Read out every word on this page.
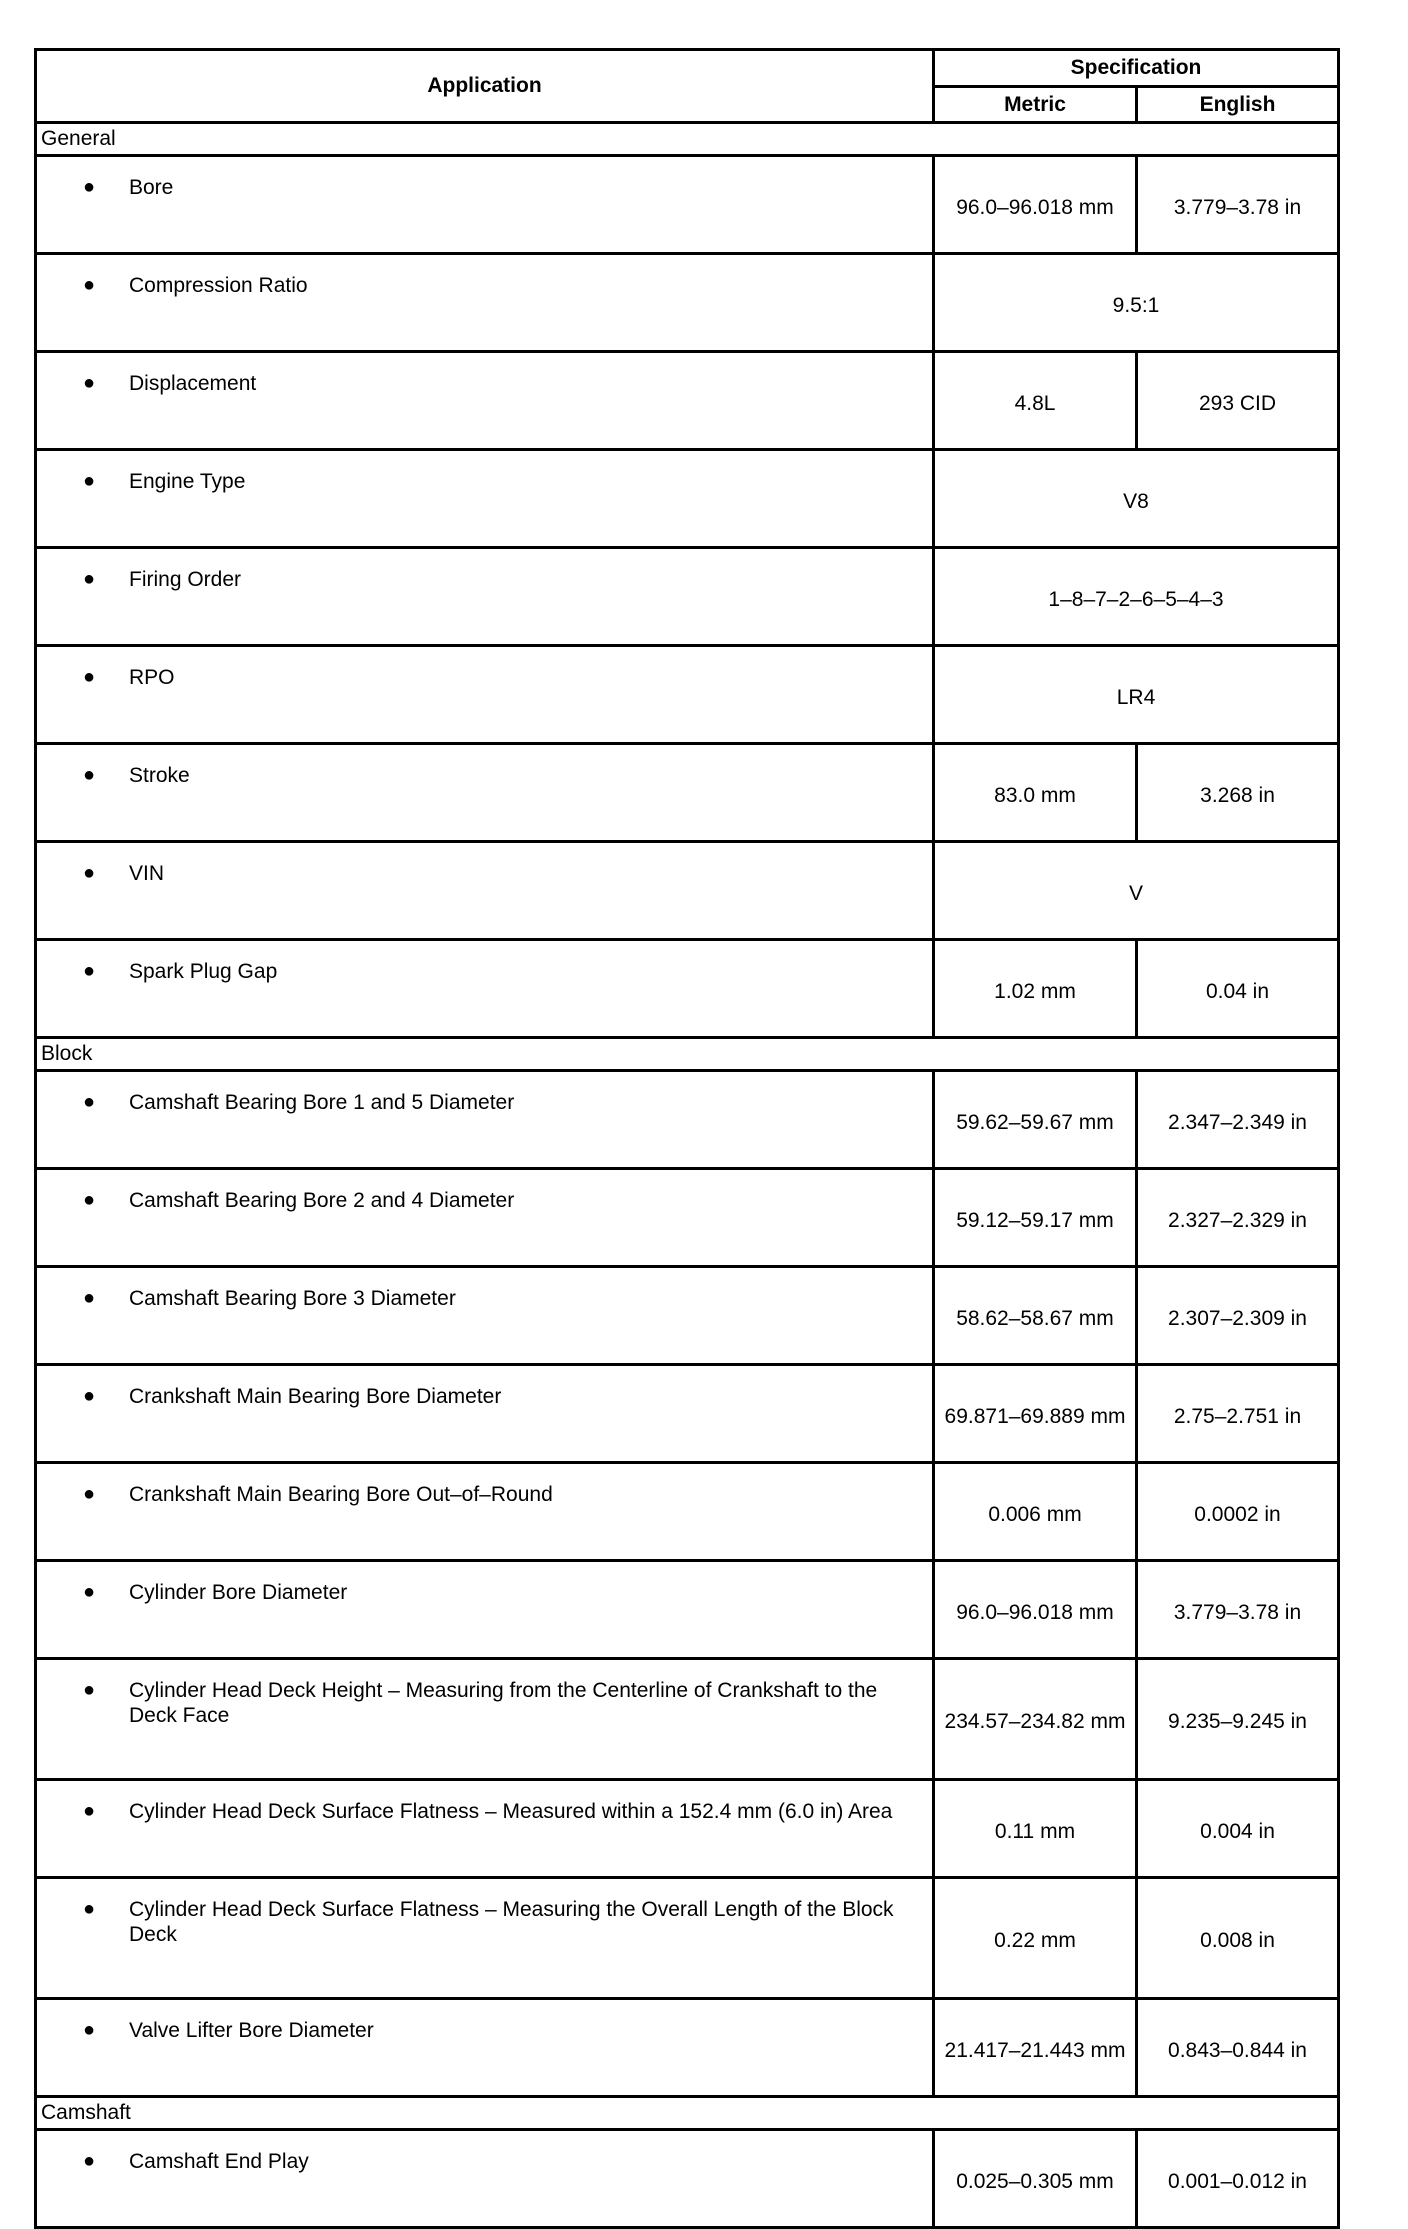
Application	Specification	
	Metric	English
General		

● Bore	96.0–96.018 mm	3.779–3.78 in

● Compression Ratio	9.5:1	

● Displacement	4.8L	293 CID

● Engine Type	V8	

● Firing Order	1–8–7–2–6–5–4–3	

● RPO	LR4	

● Stroke	83.0 mm	3.268 in

● VIN	V	

● Spark Plug Gap	1.02 mm	0.04 in
Block		

● Camshaft Bearing Bore 1 and 5 Diameter	59.62–59.67 mm	2.347–2.349 in

● Camshaft Bearing Bore 2 and 4 Diameter	59.12–59.17 mm	2.327–2.329 in

● Camshaft Bearing Bore 3 Diameter	58.62–58.67 mm	2.307–2.309 in

● Crankshaft Main Bearing Bore Diameter	69.871–69.889 mm	2.75–2.751 in

● Crankshaft Main Bearing Bore Out–of–Round	0.006 mm	0.0002 in

● Cylinder Bore Diameter	96.0–96.018 mm	3.779–3.78 in

● Cylinder Head Deck Height – Measuring from the Centerline of Crankshaft to the Deck Face	234.57–234.82 mm	9.235–9.245 in

● Cylinder Head Deck Surface Flatness – Measured within a 152.4 mm (6.0 in) Area	0.11 mm	0.004 in

● Cylinder Head Deck Surface Flatness – Measuring the Overall Length of the Block Deck	0.22 mm	0.008 in

● Valve Lifter Bore Diameter	21.417–21.443 mm	0.843–0.844 in
Camshaft		

● Camshaft End Play	0.025–0.305 mm	0.001–0.012 in
